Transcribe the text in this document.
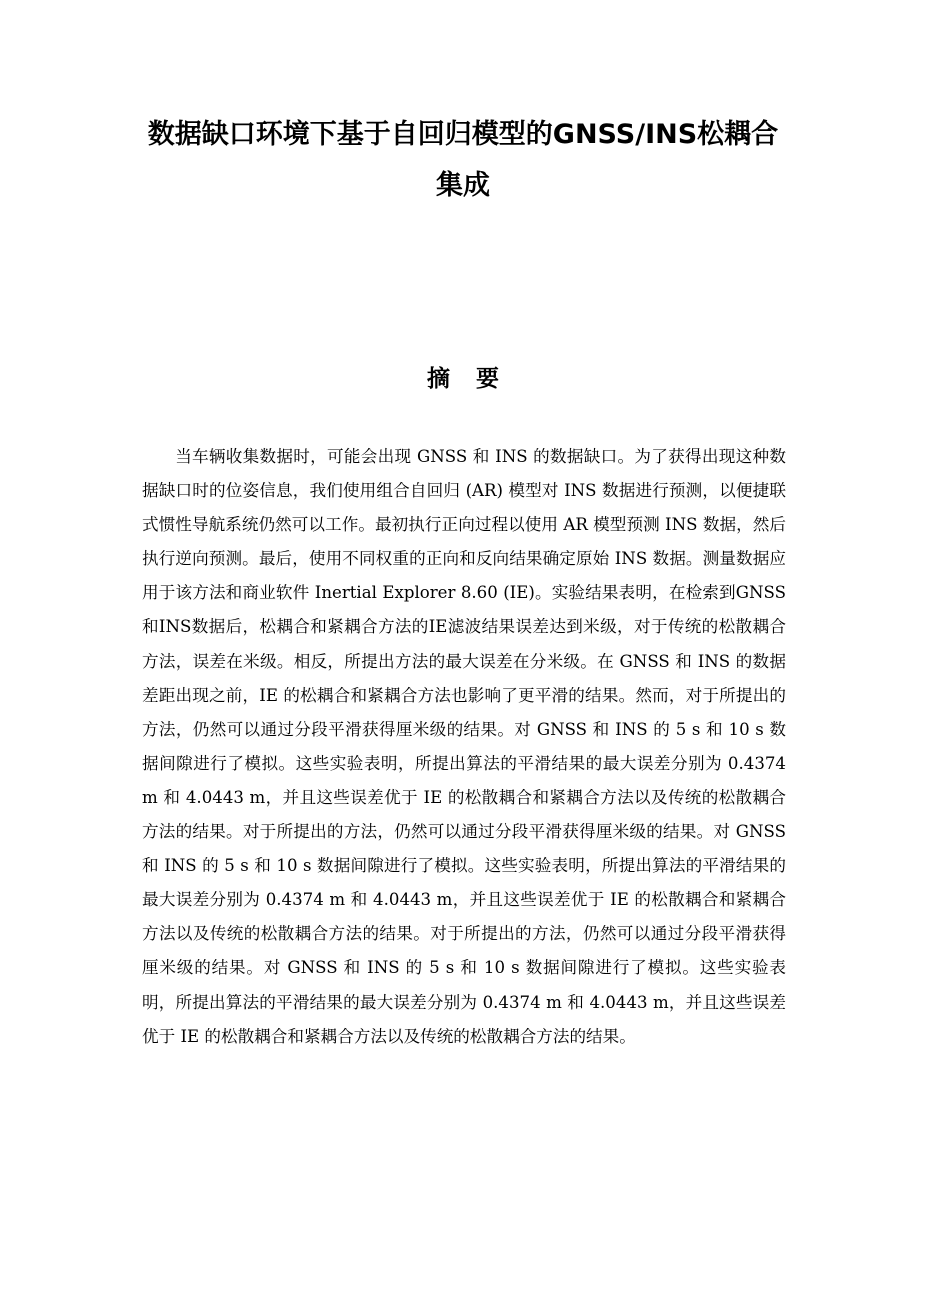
数据缺口环境下基于自回归模型的GNSS/INS松耦合
集成
摘要

当车辆收集数据时，可能会出现 GNSS 和 INS 的数据缺口。为了获得出现这种数据缺口时的位姿信息，我们使用组合自回归 (AR) 模型对 INS 数据进行预测，以便捷联式惯性导航系统仍然可以工作。最初执行正向过程以使用 AR 模型预测 INS 数据，然后执行逆向预测。最后，使用不同权重的正向和反向结果确定原始 INS 数据。测量数据应用于该方法和商业软件 Inertial Explorer 8.60 (IE)。实验结果表明，在检索到GNSS和INS数据后，松耦合和紧耦合方法的IE滤波结果误差达到米级，对于传统的松散耦合方法，误差在米级。相反，所提出方法的最大误差在分米级。在 GNSS 和 INS 的数据差距出现之前，IE 的松耦合和紧耦合方法也影响了更平滑的结果。然而，对于所提出的方法，仍然可以通过分段平滑获得厘米级的结果。对 GNSS 和 INS 的 5 s 和 10 s 数据间隙进行了模拟。这些实验表明，所提出算法的平滑结果的最大误差分别为 0.4374 m 和 4.0443 m，并且这些误差优于 IE 的松散耦合和紧耦合方法以及传统的松散耦合方法的结果。对于所提出的方法，仍然可以通过分段平滑获得厘米级的结果。对 GNSS 和 INS 的 5 s 和 10 s 数据间隙进行了模拟。这些实验表明，所提出算法的平滑结果的最大误差分别为 0.4374 m 和 4.0443 m，并且这些误差优于 IE 的松散耦合和紧耦合方法以及传统的松散耦合方法的结果。对于所提出的方法，仍然可以通过分段平滑获得厘米级的结果。对 GNSS 和 INS 的 5 s 和 10 s 数据间隙进行了模拟。这些实验表明，所提出算法的平滑结果的最大误差分别为 0.4374 m 和 4.0443 m，并且这些误差优于 IE 的松散耦合和紧耦合方法以及传统的松散耦合方法的结果。
